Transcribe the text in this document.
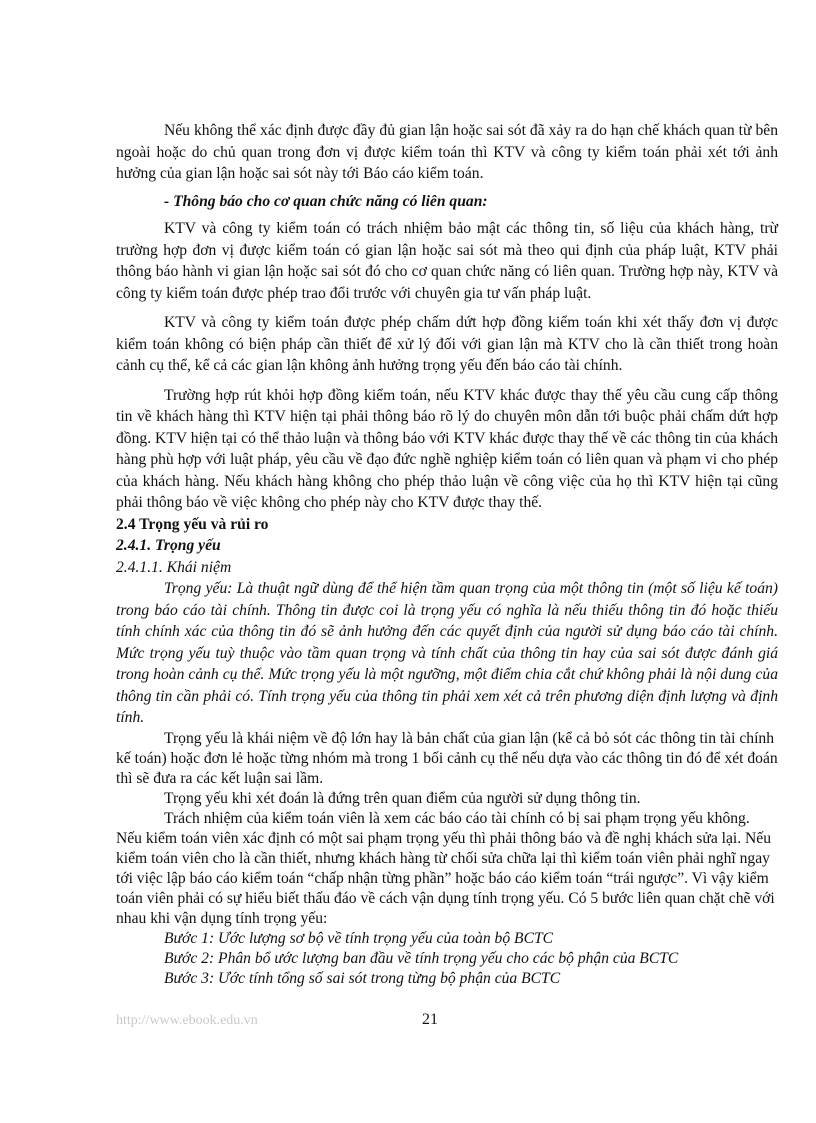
Nếu không thể xác định được đầy đủ gian lận hoặc sai sót đã xảy ra do hạn chế khách quan từ bên ngoài hoặc do chủ quan trong đơn vị được kiểm toán thì KTV và công ty kiểm toán phải xét tới ảnh hưởng của gian lận hoặc sai sót này tới Báo cáo kiểm toán.

- Thông báo cho cơ quan chức năng có liên quan:

KTV và công ty kiểm toán có trách nhiệm bảo mật các thông tin, số liệu của khách hàng, trừ trường hợp đơn vị được kiểm toán có gian lận hoặc sai sót mà theo qui định của pháp luật, KTV phải thông báo hành vi gian lận hoặc sai sót đó cho cơ quan chức năng có liên quan. Trường hợp này, KTV và công ty kiểm toán được phép trao đổi trước với chuyên gia tư vấn pháp luật.

KTV và công ty kiểm toán được phép chấm dứt hợp đồng kiểm toán khi xét thấy đơn vị được kiểm toán không có biện pháp cần thiết để xử lý đối với gian lận mà KTV cho là cần thiết trong hoàn cảnh cụ thể, kể cả các gian lận không ảnh hưởng trọng yếu đến báo cáo tài chính.

Trường hợp rút khỏi hợp đồng kiểm toán, nếu KTV khác được thay thế yêu cầu cung cấp thông tin về khách hàng thì KTV hiện tại phải thông báo rõ lý do chuyên môn dẫn tới buộc phải chấm dứt hợp đồng. KTV hiện tại có thể thảo luận và thông báo với KTV khác được thay thế về các thông tin của khách hàng phù hợp với luật pháp, yêu cầu về đạo đức nghề nghiệp kiểm toán có liên quan và phạm vi cho phép của khách hàng. Nếu khách hàng không cho phép thảo luận về công việc của họ thì KTV hiện tại cũng phải thông báo về việc không cho phép này cho KTV được thay thế.

2.4 Trọng yếu và rủi ro

2.4.1. Trọng yếu

2.4.1.1. Khái niệm

Trọng yếu: Là thuật ngữ dùng để thể hiện tầm quan trọng của một thông tin (một số liệu kế toán) trong báo cáo tài chính. Thông tin được coi là trọng yếu có nghĩa là nếu thiếu thông tin đó hoặc thiếu tính chính xác của thông tin đó sẽ ảnh hưởng đến các quyết định của người sử dụng báo cáo tài chính. Mức trọng yếu tuỳ thuộc vào tầm quan trọng và tính chất của thông tin hay của sai sót được đánh giá trong hoàn cảnh cụ thể. Mức trọng yếu là một ngưỡng, một điểm chia cắt chứ không phải là nội dung của thông tin cần phải có. Tính trọng yếu của thông tin phải xem xét cả trên phương diện định lượng và định tính.

Trọng yếu là khái niệm về độ lớn hay là bản chất của gian lận (kể cả bỏ sót các thông tin tài chính kế toán) hoặc đơn lẻ hoặc từng nhóm mà trong 1 bối cảnh cụ thể nếu dựa vào các thông tin đó để xét đoán thì sẽ đưa ra các kết luận sai lầm.

Trọng yếu khi xét đoán là đứng trên quan điểm của người sử dụng thông tin.

Trách nhiệm của kiểm toán viên là xem các báo cáo tài chính có bị sai phạm trọng yếu không. Nếu kiểm toán viên xác định có một sai phạm trọng yếu thì phải thông báo và đề nghị khách sửa lại. Nếu kiểm toán viên cho là cần thiết, nhưng khách hàng từ chối sửa chữa lại thì kiểm toán viên phải nghĩ ngay tới việc lập báo cáo kiểm toán “chấp nhận từng phần” hoặc báo cáo kiểm toán “trái ngược”. Vì vậy kiểm toán viên phải có sự hiểu biết thấu đáo về cách vận dụng tính trọng yếu. Có 5 bước liên quan chặt chẽ với nhau khi vận dụng tính trọng yếu:

Bước 1: Ước lượng sơ bộ về tính trọng yếu của toàn bộ BCTC

Bước 2: Phân bổ ước lượng ban đầu về tính trọng yếu cho các bộ phận của BCTC

Bước 3: Ước tính tổng số sai sót trong từng bộ phận của BCTC

http://www.ebook.edu.vn	21
